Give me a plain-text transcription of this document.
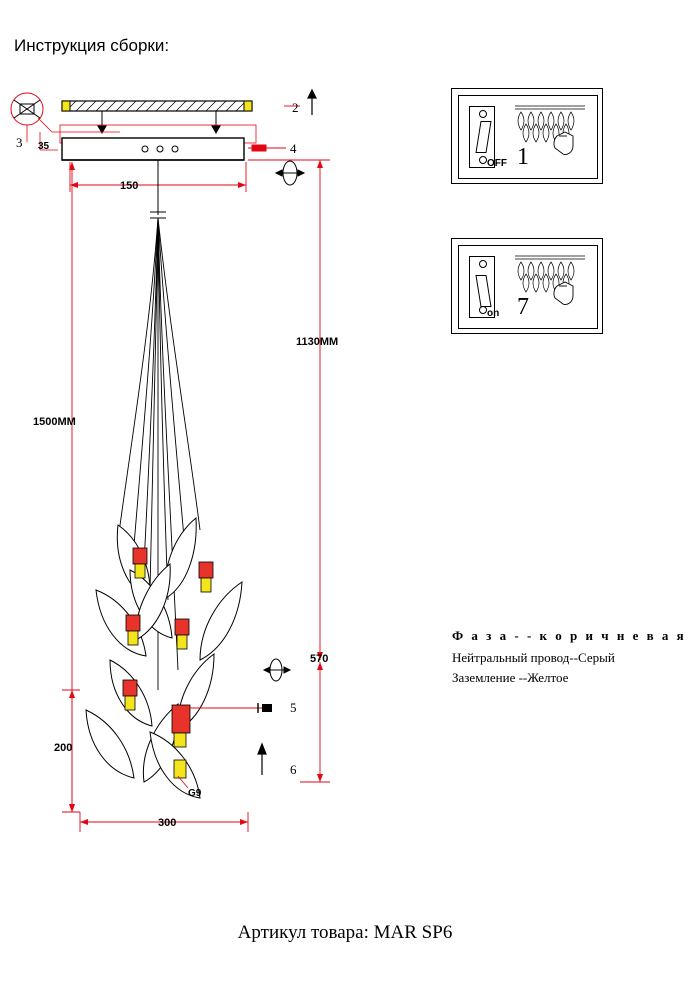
Инструкция сборки:
150
300
1500ММ
1130ММ
570
200
35
3
G9
2
4
5
6
OFF 1
on 7
Ф а з а - - к о р и ч н е в а я
Нейтральный провод--Серый
Заземление --Желтое
Артикул товара: MAR SP6
